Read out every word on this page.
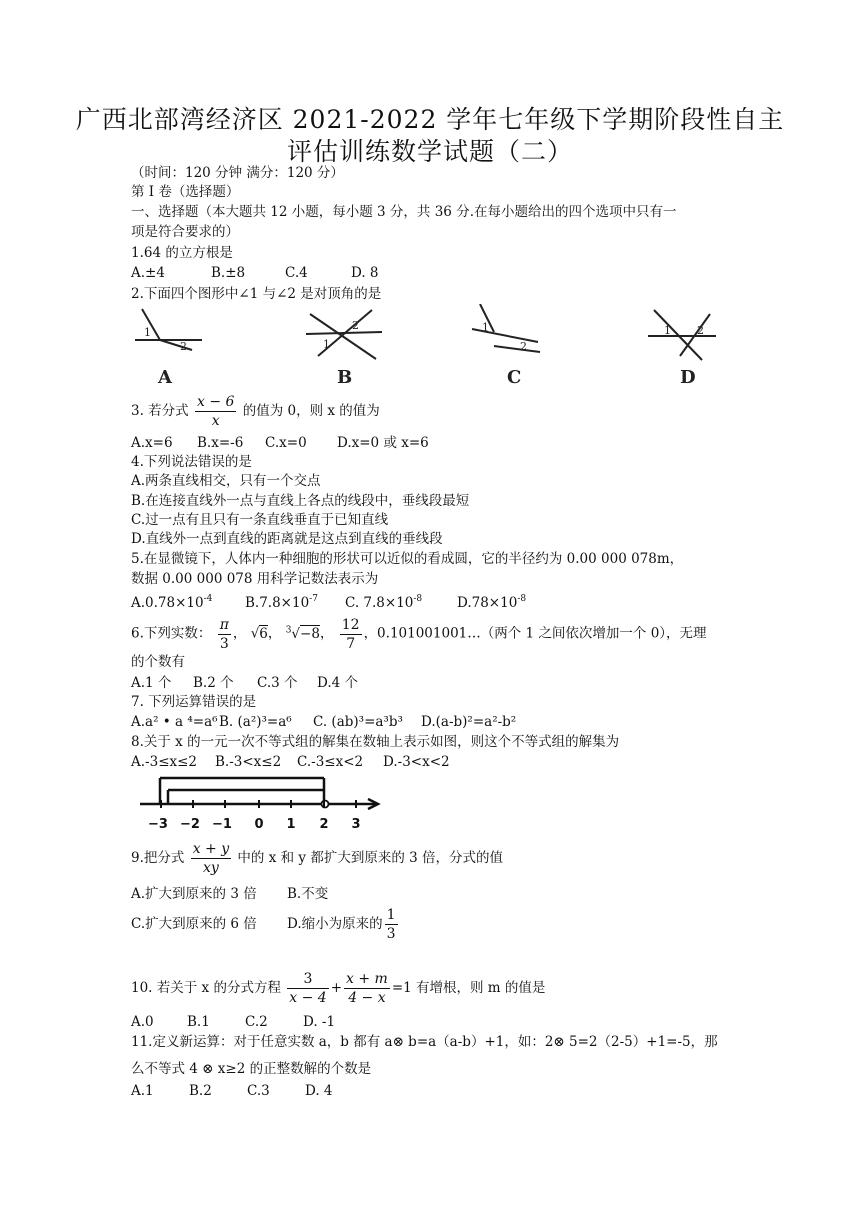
广西北部湾经济区 2021-2022 学年七年级下学期阶段性自主
评估训练数学试题（二）
（时间：120 分钟 满分：120 分）
第 I 卷（选择题）
一、选择题（本大题共 12 小题，每小题 3 分，共 36 分.在每小题给出的四个选项中只有一
项是符合要求的）
1.64 的立方根是
A.±4	B.±8	C.4	D. 8
2.下面四个图形中∠1 与∠2 是对顶角的是
1
2	1
2	1
2
1 2
A	B	C	D
3. 若分式 $\frac{x - 6}{x}$ 的值为 0，则 x 的值为
A.x=6 B.x=-6 C.x=0 D.x=0 或 x=6
4.下列说法错误的是
A.两条直线相交，只有一个交点
B.在连接直线外一点与直线上各点的线段中，垂线段最短
C.过一点有且只有一条直线垂直于已知直线
D.直线外一点到直线的距离就是这点到直线的垂线段
5.在显微镜下，人体内一种细胞的形状可以近似的看成圆，它的半径约为 0.00 000 078m，
数据 0.00 000 078 用科学记数法表示为
$A.0.78\times 10^{-4}$ $B.7.8\times 10^{-7}$ C. $7.8\times 10^{-8}$	$D.78\times 10^{-8}$
6.下列实数： $\frac{\pi}{3}$ ， √6， $^3$√−8， $\frac{12}{7}$ ，0.101001001…（两个 1 之间依次增加一个 0），无理
的个数有
A.1 个 B.2 个 C.3 个 D.4 个
7. 下列运算错误的是
A.a² • a ⁴=a⁶B. (a²)³=a⁶ C. (ab)³=a³b³ D.(a-b)²=a²-b²
8.关于 x 的一元一次不等式组的解集在数轴上表示如图，则这个不等式组的解集为
A.-3≤x≤2 B.-3<x≤2 C.-3≤x<2 D.-3<x<2
−3 −2 −1 0 1 2 3
9.把分式 $\frac{x + y}{xy}$ 中的 x 和 y 都扩大到原来的 3 倍，分式的值
A.扩大到原来的 3 倍 B.不变
C.扩大到原来的 6 倍 D.缩小为原来的 $\frac{1}{3}$
10. 若关于 x 的分式方程 $\frac{3}{x - 4} + \frac{x + m}{4 - x} =1$ 有增根，则 m 的值是
A.0 B.1	C.2	D. -1
11.定义新运算：对于任意实数 a，b 都有 a⊗ b=a（a-b）+1，如：2⊗ 5=2（2-5）+1=-5，那
么不等式 4 ⊗ x≥2 的正整数解的个数是
A.1	B.2	C.3	D. 4
